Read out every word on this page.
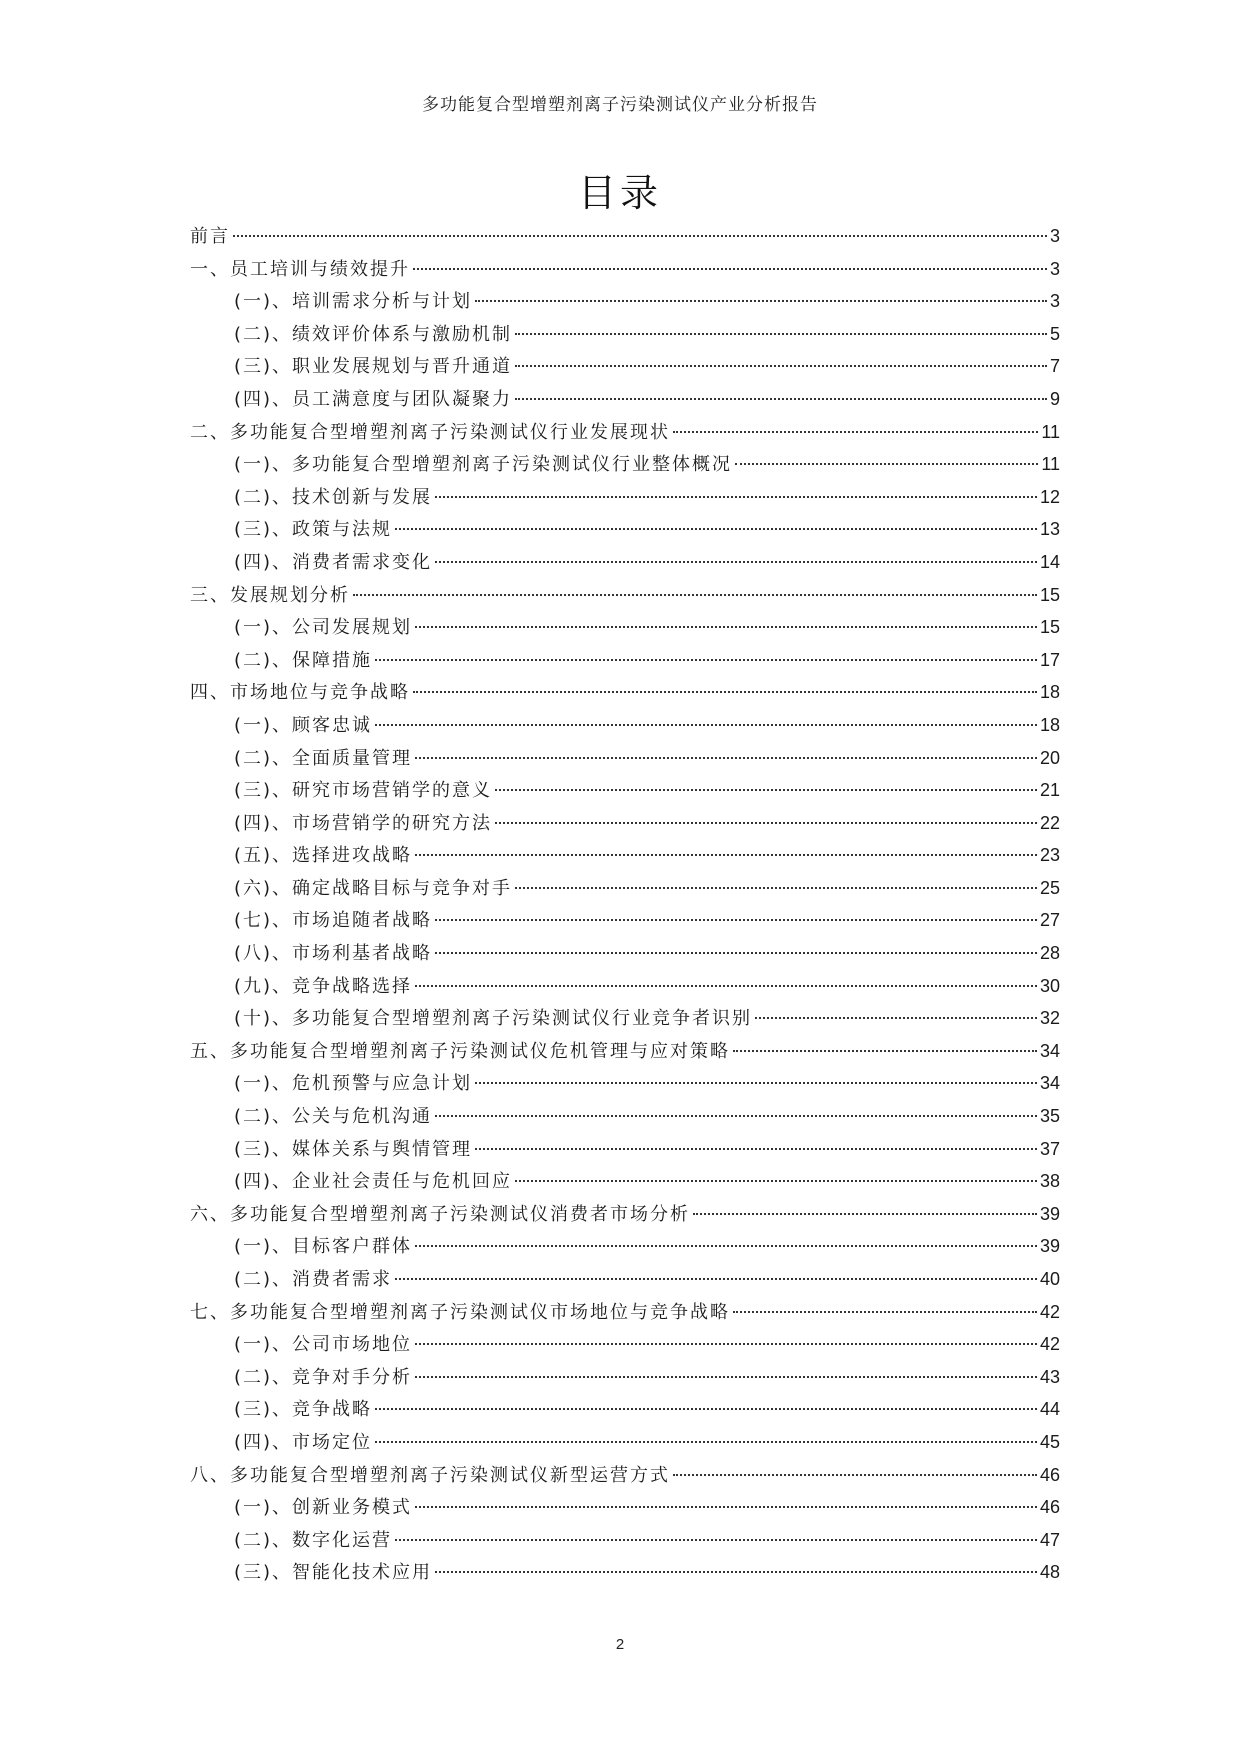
多功能复合型增塑剂离子污染测试仪产业分析报告
目录
前言	3
一、员工培训与绩效提升	3
(一)、培训需求分析与计划	3
(二)、绩效评价体系与激励机制	5
(三)、职业发展规划与晋升通道	7
(四)、员工满意度与团队凝聚力	9
二、多功能复合型增塑剂离子污染测试仪行业发展现状	11
(一)、多功能复合型增塑剂离子污染测试仪行业整体概况	11
(二)、技术创新与发展	12
(三)、政策与法规	13
(四)、消费者需求变化	14
三、发展规划分析	15
(一)、公司发展规划	15
(二)、保障措施	17
四、市场地位与竞争战略	18
(一)、顾客忠诚	18
(二)、全面质量管理	20
(三)、研究市场营销学的意义	21
(四)、市场营销学的研究方法	22
(五)、选择进攻战略	23
(六)、确定战略目标与竞争对手	25
(七)、市场追随者战略	27
(八)、市场利基者战略	28
(九)、竞争战略选择	30
(十)、多功能复合型增塑剂离子污染测试仪行业竞争者识别	32
五、多功能复合型增塑剂离子污染测试仪危机管理与应对策略	34
(一)、危机预警与应急计划	34
(二)、公关与危机沟通	35
(三)、媒体关系与舆情管理	37
(四)、企业社会责任与危机回应	38
六、多功能复合型增塑剂离子污染测试仪消费者市场分析	39
(一)、目标客户群体	39
(二)、消费者需求	40
七、多功能复合型增塑剂离子污染测试仪市场地位与竞争战略	42
(一)、公司市场地位	42
(二)、竞争对手分析	43
(三)、竞争战略	44
(四)、市场定位	45
八、多功能复合型增塑剂离子污染测试仪新型运营方式	46
(一)、创新业务模式	46
(二)、数字化运营	47
(三)、智能化技术应用	48
2
